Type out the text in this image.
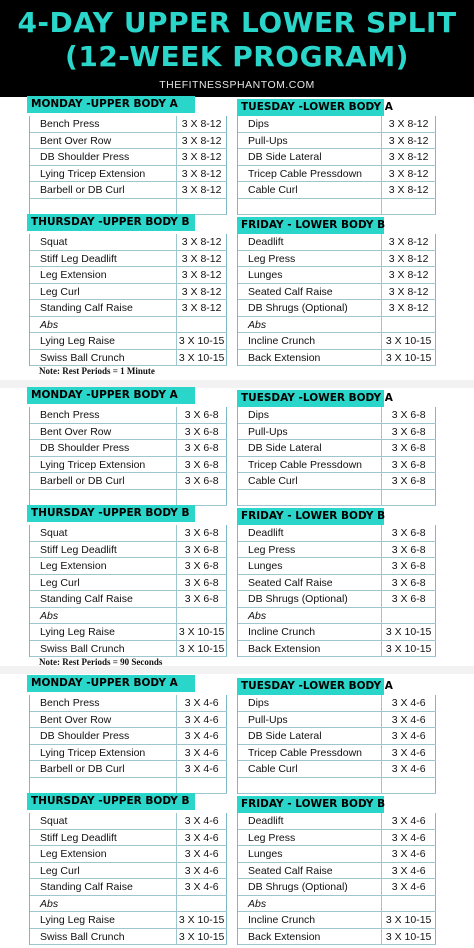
4-DAY UPPER LOWER SPLIT
(12-WEEK PROGRAM)
THEFITNESSPHANTOM.COM
MONDAY -UPPER BODY A
Bench Press	3 X 8-12
Bent Over Row	3 X 8-12
DB Shoulder Press	3 X 8-12
Lying Tricep Extension	3 X 8-12
Barbell or DB Curl	3 X 8-12
TUESDAY -LOWER BODY A
Dips	3 X 8-12
Pull-Ups	3 X 8-12
DB Side Lateral	3 X 8-12
Tricep Cable Pressdown	3 X 8-12
Cable Curl	3 X 8-12
THURSDAY -UPPER BODY B
Squat	3 X 8-12
Stiff Leg Deadlift	3 X 8-12
Leg Extension	3 X 8-12
Leg Curl	3 X 8-12
Standing Calf Raise	3 X 8-12
Abs
Lying Leg Raise	3 X 10-15
Swiss Ball Crunch	3 X 10-15
FRIDAY - LOWER BODY B
Deadlift	3 X 8-12
Leg Press	3 X 8-12
Lunges	3 X 8-12
Seated Calf Raise	3 X 8-12
DB Shrugs (Optional)	3 X 8-12
Abs
Incline Crunch	3 X 10-15
Back Extension	3 X 10-15
Note: Rest Periods = 1 Minute
MONDAY -UPPER BODY A
Bench Press	3 X 6-8
Bent Over Row	3 X 6-8
DB Shoulder Press	3 X 6-8
Lying Tricep Extension	3 X 6-8
Barbell or DB Curl	3 X 6-8
TUESDAY -LOWER BODY A
Dips	3 X 6-8
Pull-Ups	3 X 6-8
DB Side Lateral	3 X 6-8
Tricep Cable Pressdown	3 X 6-8
Cable Curl	3 X 6-8
THURSDAY -UPPER BODY B
Squat	3 X 6-8
Stiff Leg Deadlift	3 X 6-8
Leg Extension	3 X 6-8
Leg Curl	3 X 6-8
Standing Calf Raise	3 X 6-8
Abs
Lying Leg Raise	3 X 10-15
Swiss Ball Crunch	3 X 10-15
FRIDAY - LOWER BODY B
Deadlift	3 X 6-8
Leg Press	3 X 6-8
Lunges	3 X 6-8
Seated Calf Raise	3 X 6-8
DB Shrugs (Optional)	3 X 6-8
Abs
Incline Crunch	3 X 10-15
Back Extension	3 X 10-15
Note: Rest Periods = 90 Seconds
MONDAY -UPPER BODY A
Bench Press	3 X 4-6
Bent Over Row	3 X 4-6
DB Shoulder Press	3 X 4-6
Lying Tricep Extension	3 X 4-6
Barbell or DB Curl	3 X 4-6
TUESDAY -LOWER BODY A
Dips	3 X 4-6
Pull-Ups	3 X 4-6
DB Side Lateral	3 X 4-6
Tricep Cable Pressdown	3 X 4-6
Cable Curl	3 X 4-6
THURSDAY -UPPER BODY B
Squat	3 X 4-6
Stiff Leg Deadlift	3 X 4-6
Leg Extension	3 X 4-6
Leg Curl	3 X 4-6
Standing Calf Raise	3 X 4-6
Abs
Lying Leg Raise	3 X 10-15
Swiss Ball Crunch	3 X 10-15
FRIDAY - LOWER BODY B
Deadlift	3 X 4-6
Leg Press	3 X 4-6
Lunges	3 X 4-6
Seated Calf Raise	3 X 4-6
DB Shrugs (Optional)	3 X 4-6
Abs
Incline Crunch	3 X 10-15
Back Extension	3 X 10-15
